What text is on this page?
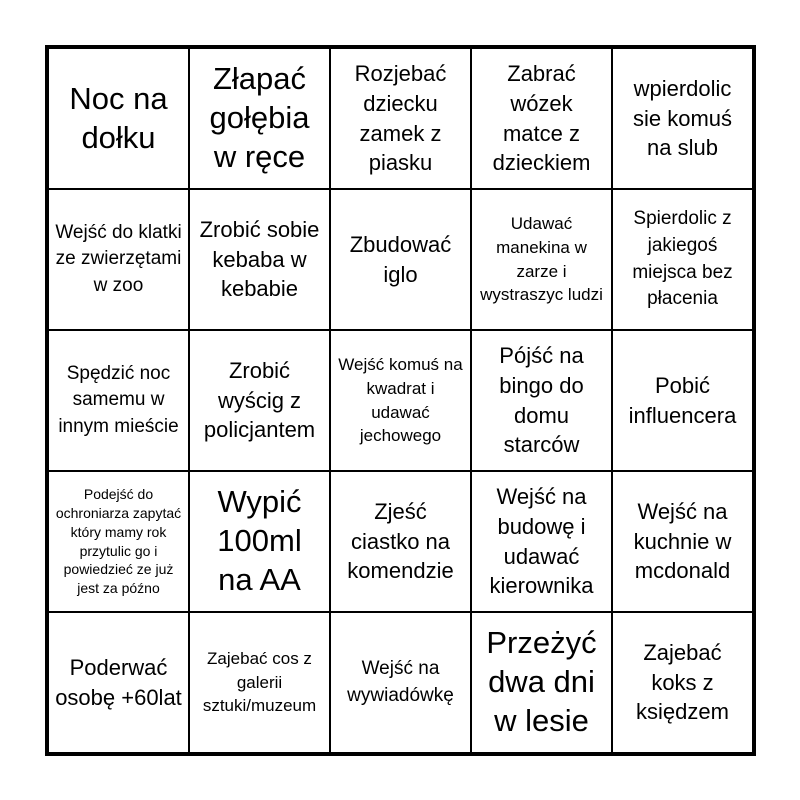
Noc na dołku
Złapać gołębia w ręce
Rozjebać dziecku zamek z piasku
Zabrać wózek matce z dzieckiem
wpierdolic sie komuś na slub
Wejść do klatki ze zwierzętami w zoo
Zrobić sobie kebaba w kebabie
Zbudować iglo
Udawać manekina w zarze i wystraszyc ludzi
Spierdolic z jakiegoś miejsca bez płacenia
Spędzić noc samemu w innym mieście
Zrobić wyścig z policjantem
Wejść komuś na kwadrat i udawać jechowego
Pójść na bingo do domu starców
Pobić influencera
Podejść do ochroniarza zapytać który mamy rok przytulic go i powiedzieć ze już jest za późno
Wypić 100ml na AA
Zjeść ciastko na komendzie
Wejść na budowę i udawać kierownika
Wejść na kuchnie w mcdonald
Poderwać osobę +60lat
Zajebać cos z galerii sztuki/muzeum
Wejść na wywiadówkę
Przeżyć dwa dni w lesie
Zajebać koks z księdzem
